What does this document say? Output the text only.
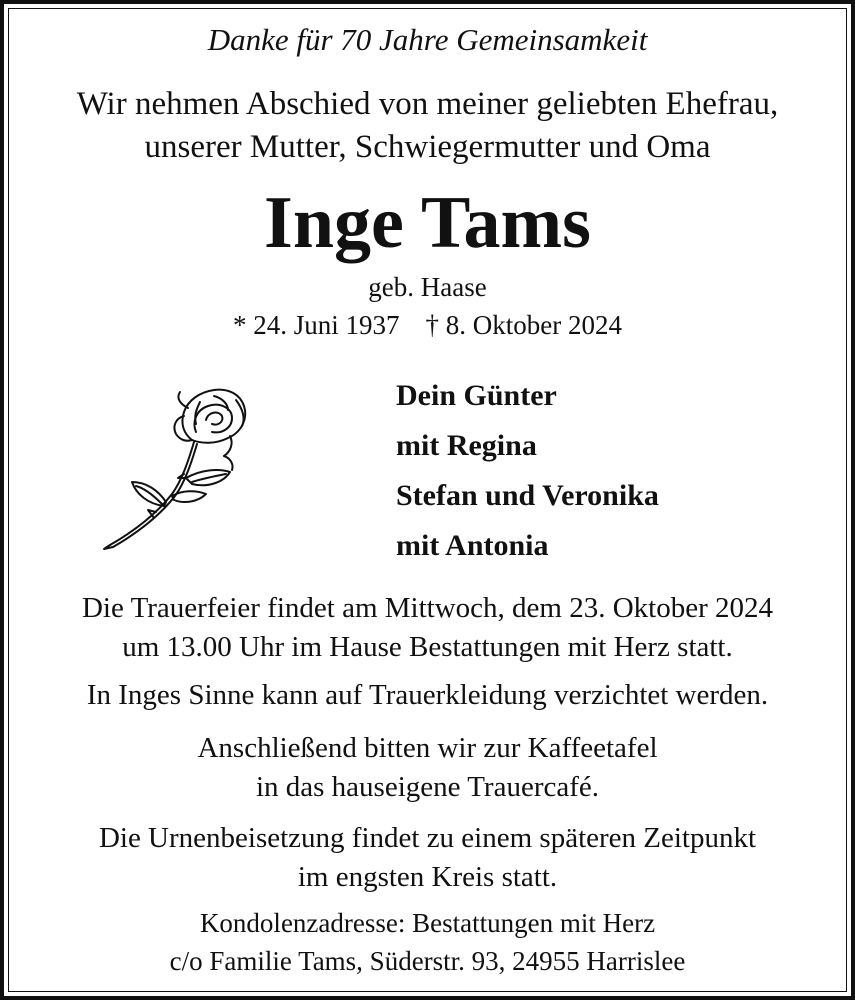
Danke für 70 Jahre Gemeinsamkeit
Wir nehmen Abschied von meiner geliebten Ehefrau,
unserer Mutter, Schwiegermutter und Oma
Inge Tams
geb. Haase
* 24. Juni 1937 † 8. Oktober 2024
Dein Günter
mit Regina
Stefan und Veronika
mit Antonia
Die Trauerfeier findet am Mittwoch, dem 23. Oktober 2024
um 13.00 Uhr im Hause Bestattungen mit Herz statt.
In Inges Sinne kann auf Trauerkleidung verzichtet werden.
Anschließend bitten wir zur Kaffeetafel
in das hauseigene Trauercafé.
Die Urnenbeisetzung findet zu einem späteren Zeitpunkt
im engsten Kreis statt.
Kondolenzadresse: Bestattungen mit Herz
c/o Familie Tams, Süderstr. 93, 24955 Harrislee
